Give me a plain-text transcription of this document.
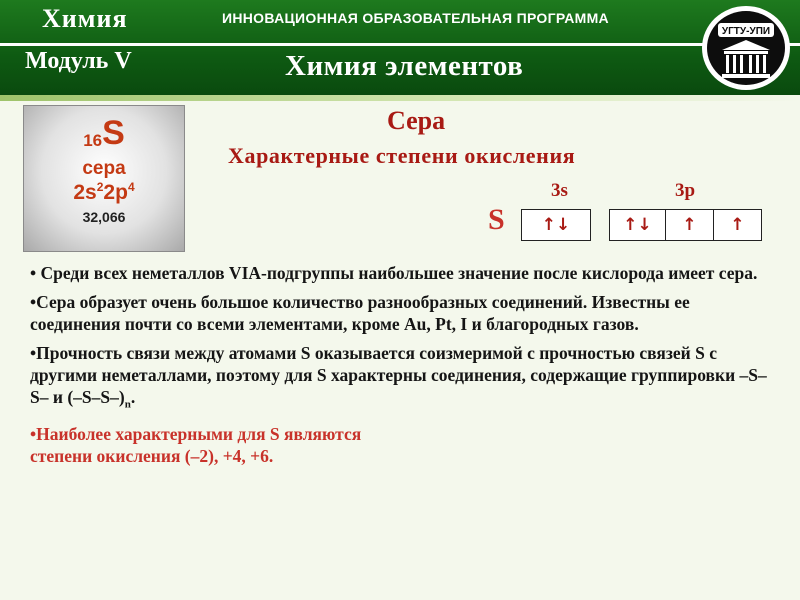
Химия
Модуль V
ИННОВАЦИОННАЯ ОБРАЗОВАТЕЛЬНАЯ ПРОГРАММА
Химия элементов
УГТУ-УПИ
16S
сера
$2s^22p^4$
32,066
Сера
Характерные степени окисления
3s	3p
S	↑↓	↑↓	↑	↑

• Среди всех неметаллов VIA-подгруппы наибольшее значение после кислорода имеет сера.

•Сера образует очень большое количество разнообразных соединений. Известны ее соединения почти со всеми элементами, кроме Au, Pt, I и благородных газов.

•Прочность связи между атомами S оказывается соизмеримой с прочностью связей S с другими неметаллами, поэтому для S характерны соединения, содержащие группировки –S–S– и $(-S-S-)_n$.

•Наиболее характерными для S являются
степени окисления (–2), +4, +6.
